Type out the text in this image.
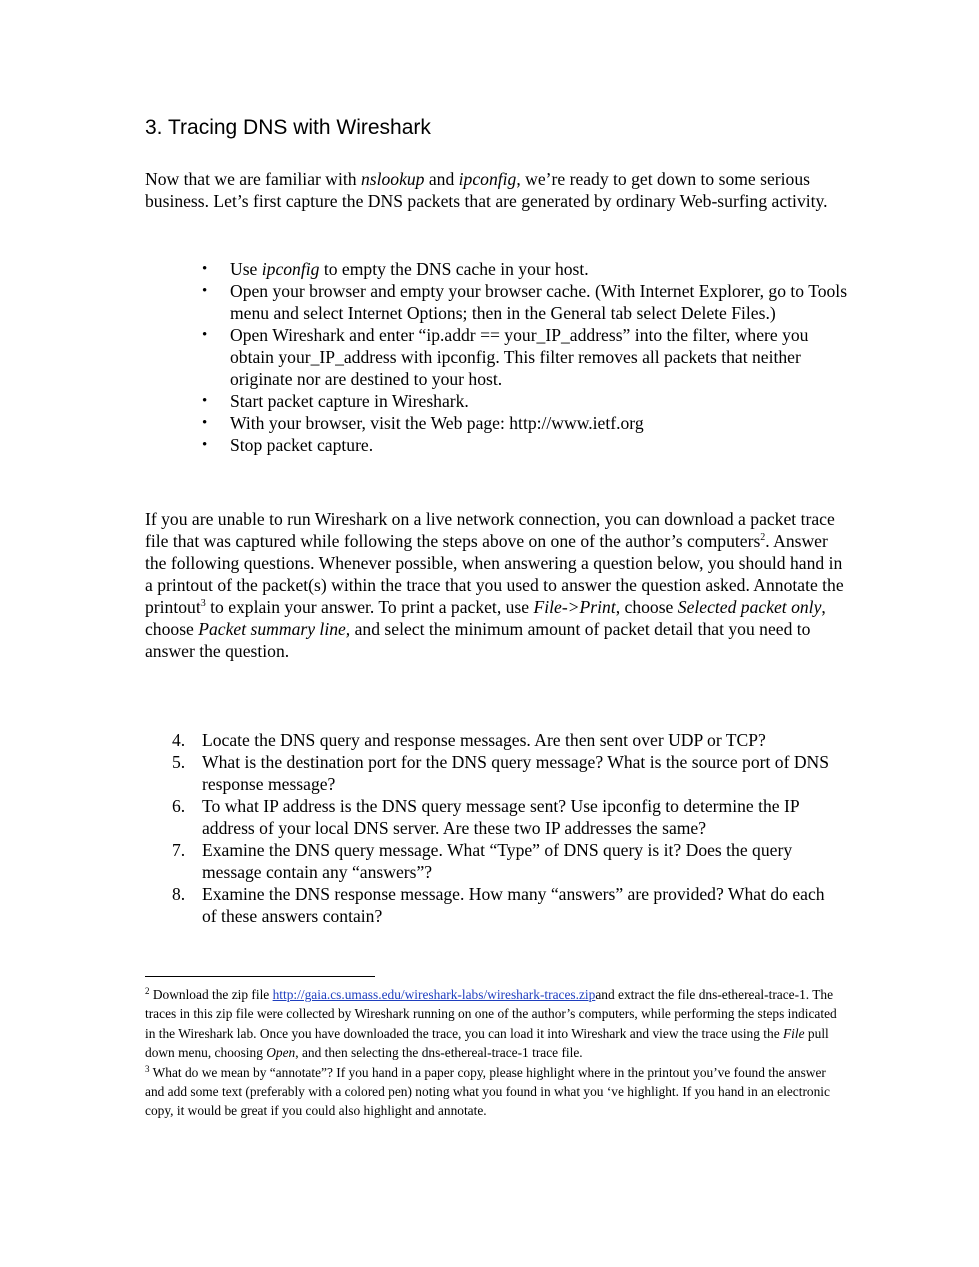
3. Tracing DNS with Wireshark

Now that we are familiar with nslookup and ipconfig, we’re ready to get down to some serious business. Let’s first capture the DNS packets that are generated by ordinary Web-surfing activity.

• Use ipconfig to empty the DNS cache in your host.
• Open your browser and empty your browser cache. (With Internet Explorer, go to Tools menu and select Internet Options; then in the General tab select Delete Files.)
• Open Wireshark and enter “ip.addr == your_IP_address” into the filter, where you obtain your_IP_address with ipconfig. This filter removes all packets that neither originate nor are destined to your host.
• Start packet capture in Wireshark.
• With your browser, visit the Web page: http://www.ietf.org
• Stop packet capture.

If you are unable to run Wireshark on a live network connection, you can download a packet trace file that was captured while following the steps above on one of the author’s computers$^2$. Answer the following questions. Whenever possible, when answering a question below, you should hand in a printout of the packet(s) within the trace that you used to answer the question asked. Annotate the printout$^3$ to explain your answer. To print a packet, use File->Print, choose Selected packet only, choose Packet summary line, and select the minimum amount of packet detail that you need to answer the question.

4. Locate the DNS query and response messages. Are then sent over UDP or TCP?
5. What is the destination port for the DNS query message? What is the source port of DNS response message?
6. To what IP address is the DNS query message sent? Use ipconfig to determine the IP address of your local DNS server. Are these two IP addresses the same?
7. Examine the DNS query message. What “Type” of DNS query is it? Does the query message contain any “answers”?
8. Examine the DNS response message. How many “answers” are provided? What do each of these answers contain?

$^2$ Download the zip file http://gaia.cs.umass.edu/wireshark-labs/wireshark-traces.zipand extract the file dns-ethereal-trace-1. The traces in this zip file were collected by Wireshark running on one of the author’s computers, while performing the steps indicated in the Wireshark lab. Once you have downloaded the trace, you can load it into Wireshark and view the trace using the File pull down menu, choosing Open, and then selecting the dns-ethereal-trace-1 trace file.

$^3$ What do we mean by “annotate”? If you hand in a paper copy, please highlight where in the printout you’ve found the answer and add some text (preferably with a colored pen) noting what you found in what you ‘ve highlight. If you hand in an electronic copy, it would be great if you could also highlight and annotate.
